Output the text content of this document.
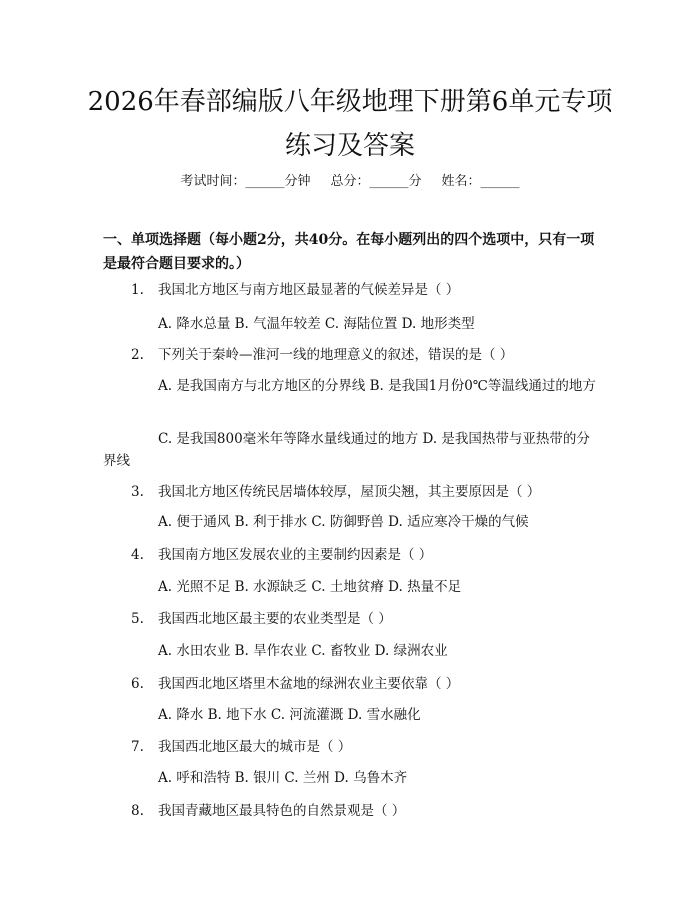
2026年春部编版八年级地理下册第6单元专项练习及答案
考试时间：______分钟 总分：______分 姓名：______
一、单项选择题（每小题2分，共40分。在每小题列出的四个选项中，只有一项是最符合题目要求的。）
1. 我国北方地区与南方地区最显著的气候差异是（ ）
A. 降水总量 B. 气温年较差 C. 海陆位置 D. 地形类型
2. 下列关于秦岭—淮河一线的地理意义的叙述，错误的是（ ）
A. 是我国南方与北方地区的分界线 B. 是我国1月份0℃等温线通过的地方
C. 是我国800毫米年等降水量线通过的地方 D. 是我国热带与亚热带的分界线
3. 我国北方地区传统民居墙体较厚，屋顶尖翘，其主要原因是（ ）
A. 便于通风 B. 利于排水 C. 防御野兽 D. 适应寒冷干燥的气候
4. 我国南方地区发展农业的主要制约因素是（ ）
A. 光照不足 B. 水源缺乏 C. 土地贫瘠 D. 热量不足
5. 我国西北地区最主要的农业类型是（ ）
A. 水田农业 B. 旱作农业 C. 畜牧业 D. 绿洲农业
6. 我国西北地区塔里木盆地的绿洲农业主要依靠（ ）
A. 降水 B. 地下水 C. 河流灌溉 D. 雪水融化
7. 我国西北地区最大的城市是（ ）
A. 呼和浩特 B. 银川 C. 兰州 D. 乌鲁木齐
8. 我国青藏地区最具特色的自然景观是（ ）
